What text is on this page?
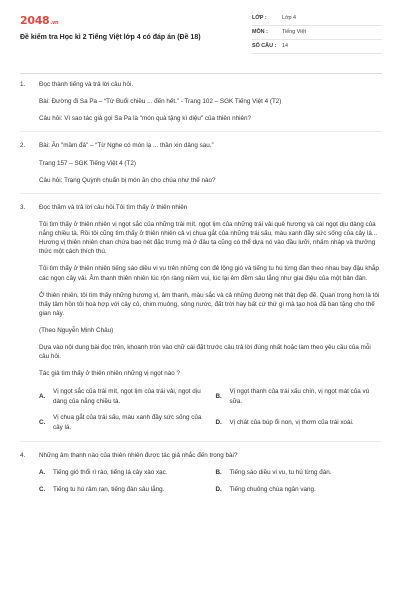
2048.vn
Đề kiểm tra Học kì 2 Tiếng Việt lớp 4 có đáp án (Đề 18)
LỚP :	Lớp 4
MÔN :	Tiếng Việt
SỐ CÂU :	14
1. Đọc thành tiếng và trả lời câu hỏi.

Bài: Đường đi Sa Pa – “Từ Buổi chiều ... đến hết.” - Trang 102 – SGK Tiếng Việt 4 (T2)

Câu hỏi: Vì sao tác giả gọi Sa Pa là "món quà tặng kì diệu" của thiên nhiên?

2. Bài: Ăn "mầm đá" – “Từ Nghe có món lạ ... thần xin dâng sau.”

Trang 157 – SGK Tiếng Việt 4 (T2)

Câu hỏi: Trạng Quỳnh chuẩn bị món ăn cho chúa như thế nào?

3. Đọc thầm và trả lời câu hỏi.Tôi tìm thấy ở thiên nhiên

Tôi tìm thấy ở thiên nhiên vị ngọt sắc của những trái mít, ngọt lịm của những trái vải quê hương và cái ngọt dịu dàng của nắng chiều tà. Rồi tôi cũng tìm thấy ở thiên nhiên cả vị chua gắt của những trái sấu, màu xanh đầy sức sống của cây lá... Hương vị thiên nhiên chan chứa bao nét đặc trưng mà ở đâu ta cũng có thể dựa nó vào đầu lưỡi, nhấm nháp và thưởng thức một cách thích thú.

Tôi tìm thấy ở thiên nhiên tiếng sáo diều vi vu trên những con đê lộng gió và tiếng tu hú từng đàn theo nhau bay đậu khắp các ngọn cây vải. Âm thanh thiên nhiên lúc rộn ràng niềm vui, lúc lại êm đềm sâu lắng như giai điệu của một bản đàn.

Ở thiên nhiên, tôi tìm thấy những hương vị, âm thanh, màu sắc và cả những đường nét thật đẹp đẽ. Quan trọng hơn là tôi thấy tâm hồn tôi hoà hợp với cây cỏ, chim muông, sông nước, đất trời hay bất cứ thứ gì mà tạo hoá đã ban tặng cho thế gian này.

(Theo Nguyễn Minh Châu)

Dựa vào nội dung bài đọc trên, khoanh tròn vào chữ cái đặt trước câu trả lời đúng nhất hoặc làm theo yêu cầu của mỗi câu hỏi.

Tác giả tìm thấy ở thiên nhiên những vị ngọt nào ?

A.
Vị ngọt sắc của trái mít, ngọt lịm của trái vải, ngọt dịu dàng của nắng chiều tà.
B.
Vị ngọt thanh của trái xấu chín, vị ngọt mát của vú sữa.
C.
Vị chua gắt của trái sấu, màu xanh đầy sức sống của cây lá.
D.	Vị chát của búp ổi non, vị thơm của trái xoài.
4. Những âm thanh nào của thiên nhiên được tác giả nhắc đến trong bài?

A.	Tiếng gió thổi rì rào, tiếng lá cây xào xạc.	B.	Tiếng sáo diều vi vu, tu hú từng đàn.
C.	Tiếng tu hú râm ran, tiếng đàn sâu lắng.	D.	Tiếng chuông chùa ngân vang.
